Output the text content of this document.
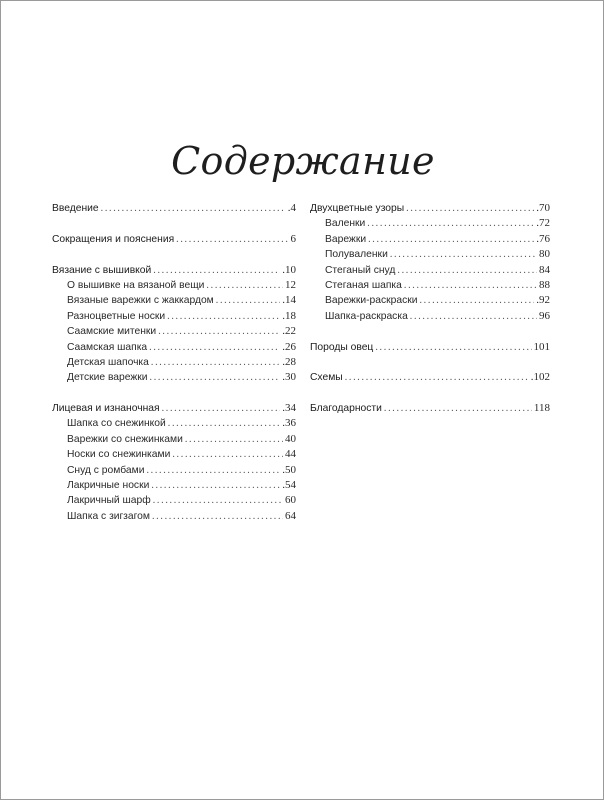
Содержание
Введение . . .	.4
Сокращения и пояснения . . .	6
Вязание с вышивкой . . .	.10
О вышивке на вязаной вещи . . .	12
Вязаные варежки с жаккардом . . .	.14
Разноцветные носки . . .	.18
Саамские митенки . . .	.22
Саамская шапка . . .	.26
Детская шапочка . . .	.28
Детские варежки . . .	.30
Лицевая и изнаночная . . .	.34
Шапка со снежинкой . . .	.36
Варежки со снежинками . . .	40
Носки со снежинками . . .	44
Снуд с ромбами . . .	.50
Лакричные носки . . .	.54
Лакричный шарф . . .	60
Шапка с зигзагом . . .	64
Двухцветные узоры . . .	.70
Валенки . . .	.72
Варежки . . .	.76
Полуваленки . . .	80
Стеганый снуд . . .	84
Стеганая шапка . . .	88
Варежки-раскраски . . .	.92
Шапка-раскраска . . .	96
Породы овец . . .	101
Схемы . . .	.102
Благодарности . . .	118
